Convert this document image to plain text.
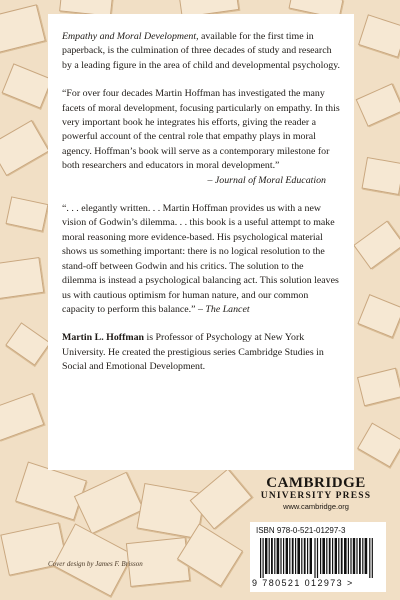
Empathy and Moral Development, available for the first time in paperback, is the culmination of three decades of study and research by a leading figure in the area of child and developmental psychology.

“For over four decades Martin Hoffman has investigated the many facets of moral development, focusing particularly on empathy. In this very important book he integrates his efforts, giving the reader a powerful account of the central role that empathy plays in moral agency. Hoffman’s book will serve as a contemporary milestone for both researchers and educators in moral development.”

– Journal of Moral Education

“. . . elegantly written. . . Martin Hoffman provides us with a new vision of Godwin’s dilemma. . . this book is a useful attempt to make moral reasoning more evidence-based. His psychological material shows us something important: there is no logical resolution to the stand-off between Godwin and his critics. The solution to the dilemma is instead a psychological balancing act. This solution leaves us with cautious optimism for human nature, and our common capacity to perform this balance.” – The Lancet

Martin L. Hoffman is Professor of Psychology at New York University. He created the prestigious series Cambridge Studies in Social and Emotional Development.

CAMBRIDGE
UNIVERSITY PRESS
www.cambridge.org
ISBN 978-0-521-01297-3
9 780521 012973 >
Cover design by James F. Brisson
